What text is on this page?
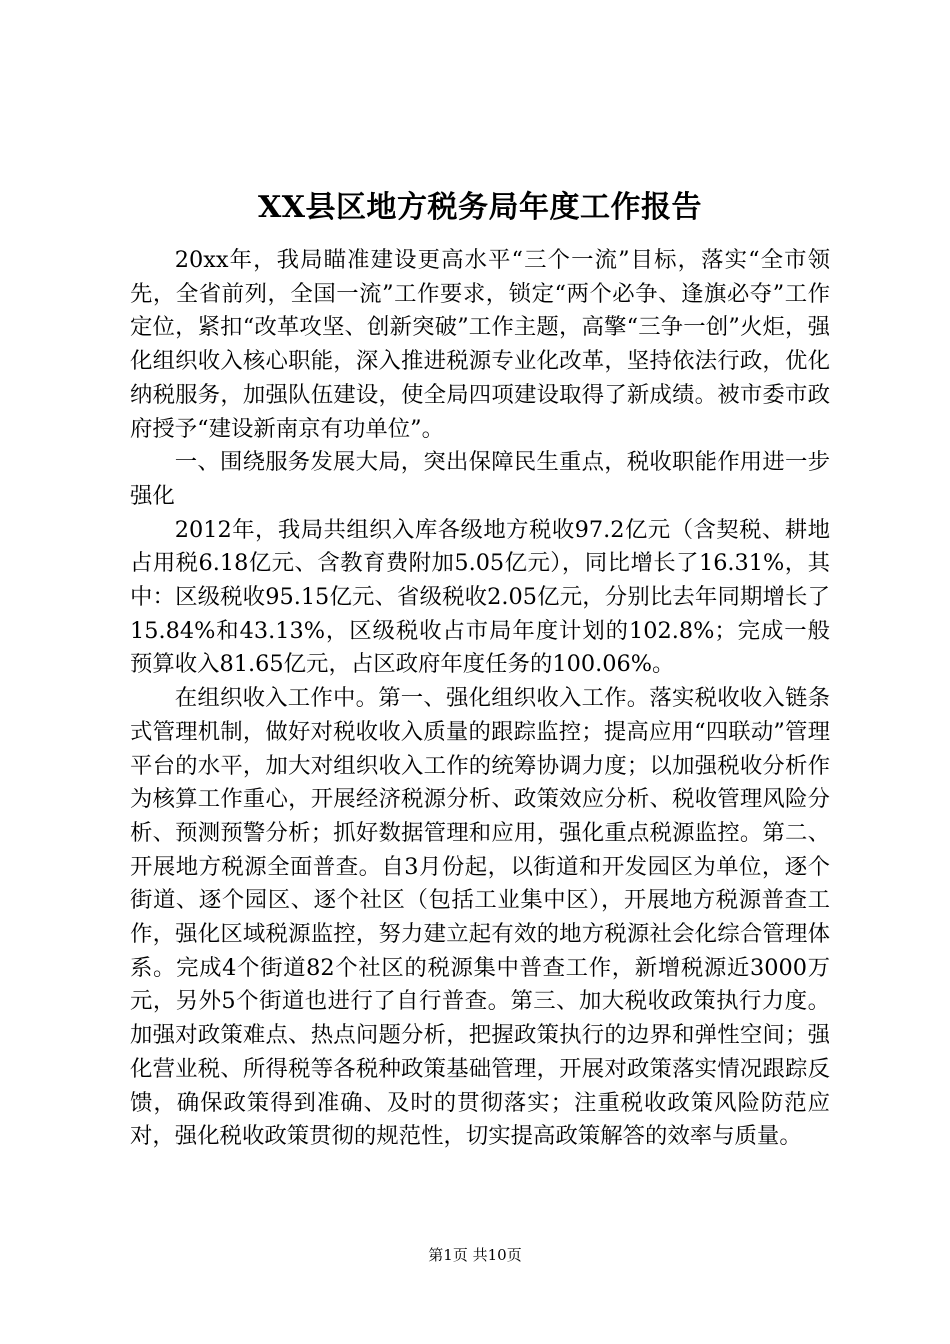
XX县区地方税务局年度工作报告

20xx年，我局瞄准建设更高水平“三个一流”目标，落实“全市领先，全省前列，全国一流”工作要求，锁定“两个必争、逢旗必夺”工作定位，紧扣“改革攻坚、创新突破”工作主题，高擎“三争一创”火炬，强化组织收入核心职能，深入推进税源专业化改革，坚持依法行政，优化纳税服务，加强队伍建设，使全局四项建设取得了新成绩。被市委市政府授予“建设新南京有功单位”。

一、围绕服务发展大局，突出保障民生重点，税收职能作用进一步强化

2012年，我局共组织入库各级地方税收97.2亿元（含契税、耕地占用税6.18亿元、含教育费附加5.05亿元），同比增长了16.31%，其中：区级税收95.15亿元、省级税收2.05亿元，分别比去年同期增长了15.84%和43.13%，区级税收占市局年度计划的102.8%；完成一般预算收入81.65亿元，占区政府年度任务的100.06%。

在组织收入工作中。第一、强化组织收入工作。落实税收收入链条式管理机制，做好对税收收入质量的跟踪监控；提高应用“四联动”管理平台的水平，加大对组织收入工作的统筹协调力度；以加强税收分析作为核算工作重心，开展经济税源分析、政策效应分析、税收管理风险分析、预测预警分析；抓好数据管理和应用，强化重点税源监控。第二、开展地方税源全面普查。自3月份起，以街道和开发园区为单位，逐个街道、逐个园区、逐个社区（包括工业集中区），开展地方税源普查工作，强化区域税源监控，努力建立起有效的地方税源社会化综合管理体系。完成4个街道82个社区的税源集中普查工作，新增税源近3000万元，另外5个街道也进行了自行普查。第三、加大税收政策执行力度。加强对政策难点、热点问题分析，把握政策执行的边界和弹性空间；强化营业税、所得税等各税种政策基础管理，开展对政策落实情况跟踪反馈，确保政策得到准确、及时的贯彻落实；注重税收政策风险防范应对，强化税收政策贯彻的规范性，切实提高政策解答的效率与质量。

第1页 共10页
